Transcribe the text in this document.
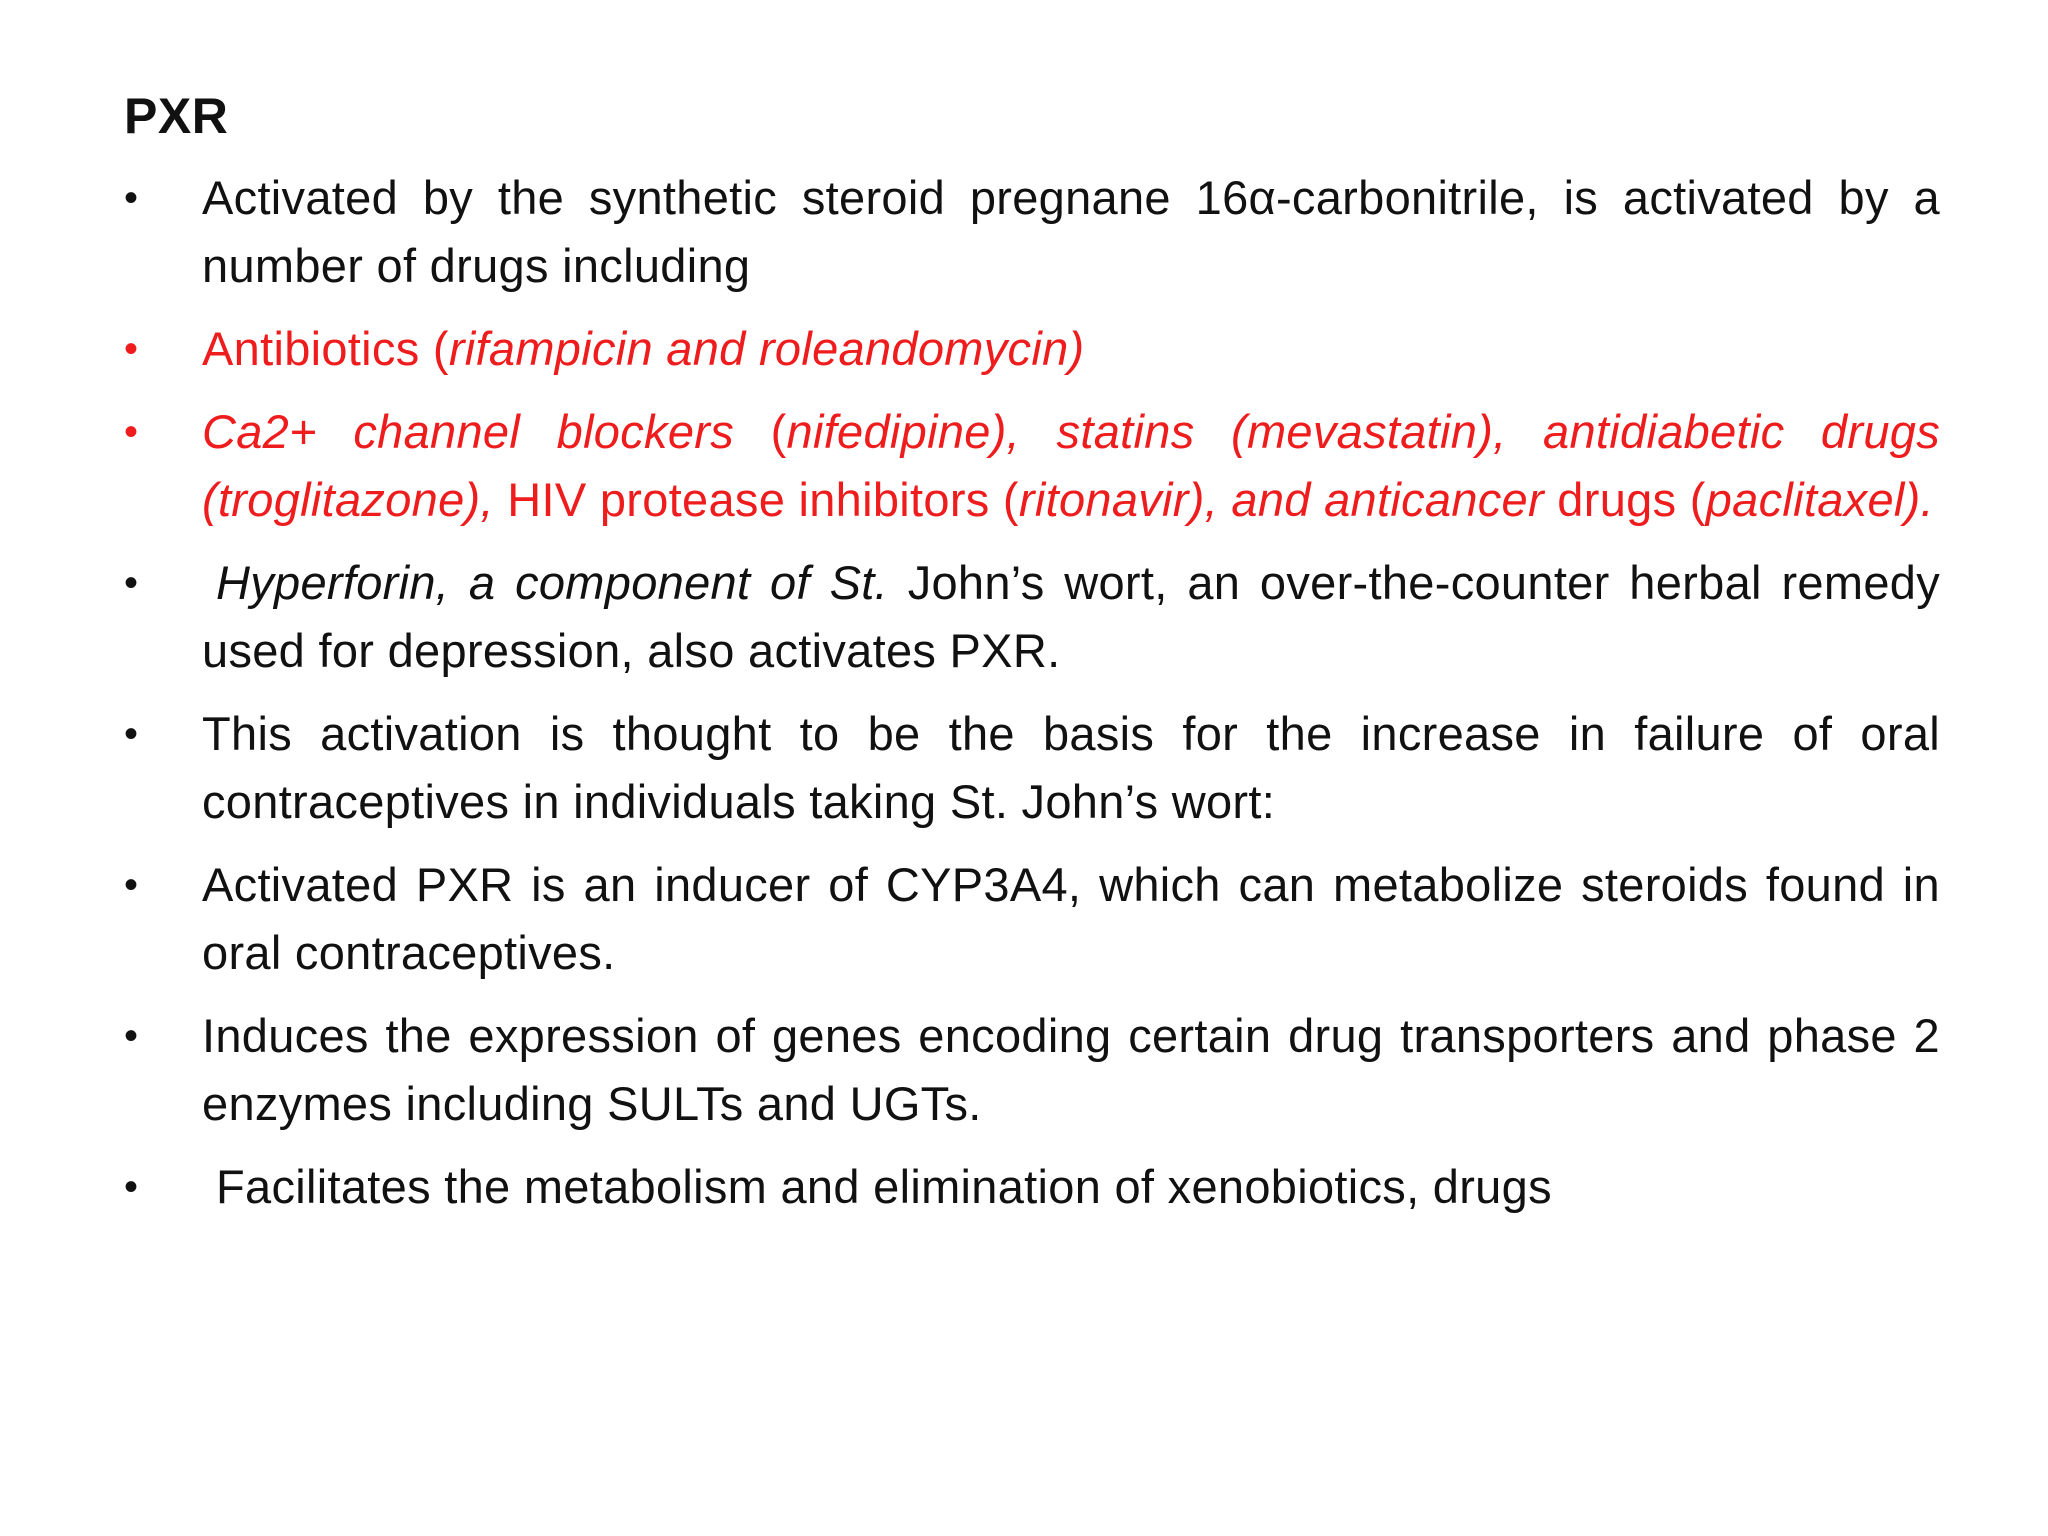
PXR
•	Activated by the synthetic steroid pregnane 16α-carbonitrile, is activated by a number of drugs including
•	Antibiotics (rifampicin and roleandomycin)
•	Ca2+ channel blockers (nifedipine), statins (mevastatin), antidiabetic drugs (troglitazone), HIV protease inhibitors (ritonavir), and anticancer drugs (paclitaxel).
•	Hyperforin, a component of St. John’s wort, an over-the-counter herbal remedy used for depression, also activates PXR.
•	This activation is thought to be the basis for the increase in failure of oral contraceptives in individuals taking St. John’s wort:
•	Activated PXR is an inducer of CYP3A4, which can metabolize steroids found in oral contraceptives.
•	Induces the expression of genes encoding certain drug transporters and phase 2 enzymes including SULTs and UGTs.
•	Facilitates the metabolism and elimination of xenobiotics, drugs
